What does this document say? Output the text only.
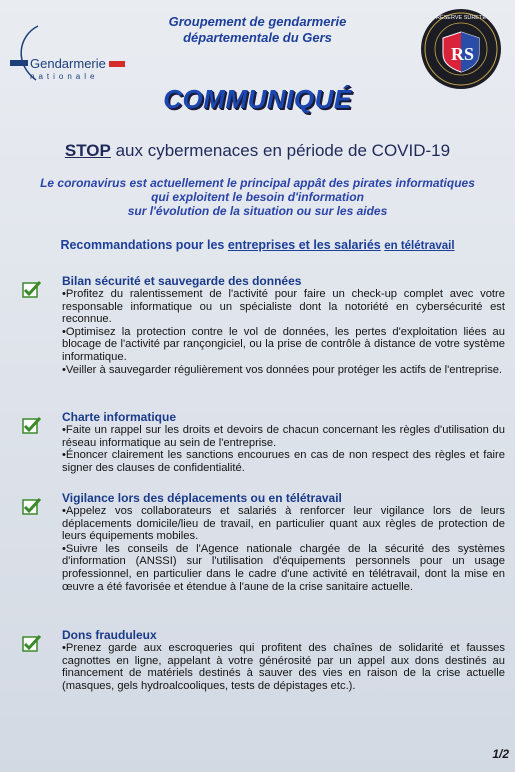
Gendarmerie
nationale
Groupement de gendarmerie
départementale du Gers
RS
RÉSERVE SÛRETÉ
COMMUNIQUÉ
STOP aux cybermenaces en période de COVID-19
Le coronavirus est actuellement le principal appât des pirates informatiques
qui exploitent le besoin d'information
sur l'évolution de la situation ou sur les aides
Recommandations pour les entreprises et les salariés en télétravail
Bilan sécurité et sauvegarde des données

•Profitez du ralentissement de l'activité pour faire un check-up complet avec votre responsable informatique ou un spécialiste dont la notoriété en cybersécurité est reconnue.

•Optimisez la protection contre le vol de données, les pertes d'exploitation liées au blocage de l'activité par rançongiciel, ou la prise de contrôle à distance de votre système informatique.

•Veiller à sauvegarder régulièrement vos données pour protéger les actifs de l'entreprise.

Charte informatique

•Faite un rappel sur les droits et devoirs de chacun concernant les règles d'utilisation du réseau informatique au sein de l'entreprise.

•Énoncer clairement les sanctions encourues en cas de non respect des règles et faire signer des clauses de confidentialité.

Vigilance lors des déplacements ou en télétravail

•Appelez vos collaborateurs et salariés à renforcer leur vigilance lors de leurs déplacements domicile/lieu de travail, en particulier quant aux règles de protection de leurs équipements mobiles.

•Suivre les conseils de l'Agence nationale chargée de la sécurité des systèmes d'information (ANSSI) sur l'utilisation d'équipements personnels pour un usage professionnel, en particulier dans le cadre d'une activité en télétravail, dont la mise en œuvre a été favorisée et étendue à l'aune de la crise sanitaire actuelle.

Dons frauduleux

•Prenez garde aux escroqueries qui profitent des chaînes de solidarité et fausses cagnottes en ligne, appelant à votre générosité par un appel aux dons destinés au financement de matériels destinés à sauver des vies en raison de la crise actuelle (masques, gels hydroalcooliques, tests de dépistages etc.).

1/2
